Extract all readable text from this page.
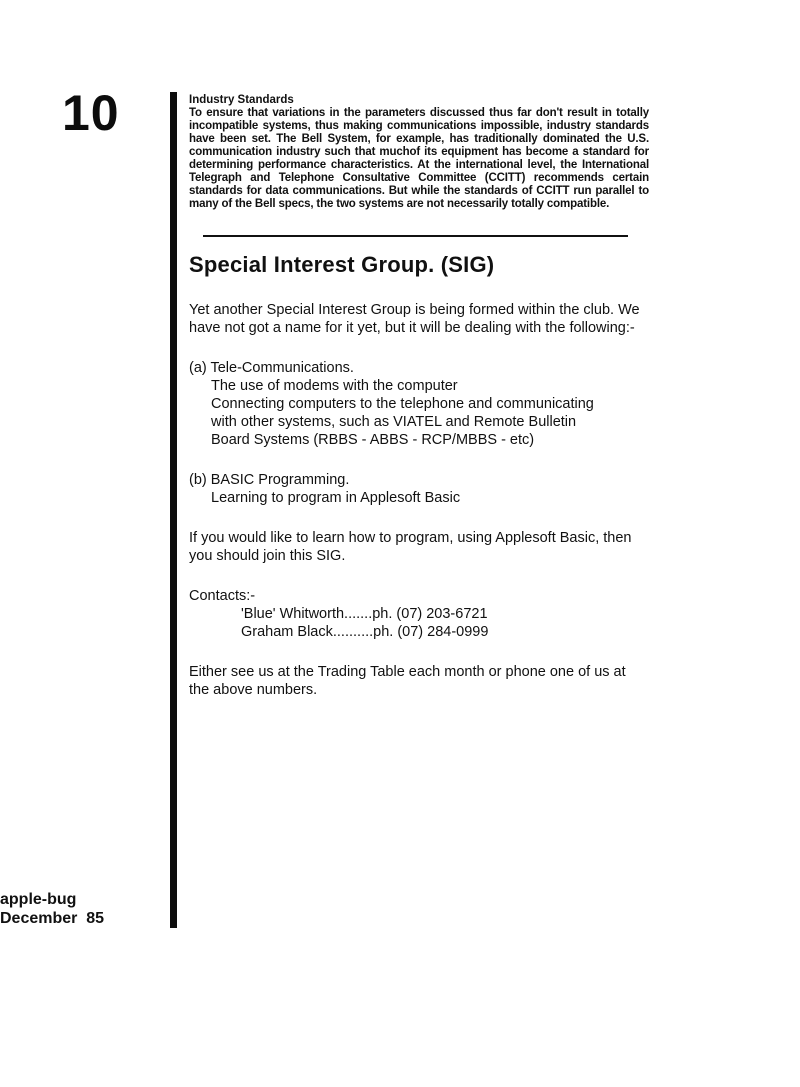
10	Industry Standards

To ensure that variations in the parameters discussed thus far don't result in totally incompatible systems, thus making communications impossible, industry standards have been set. The Bell System, for example, has traditionally dominated the U.S. communication industry such that muchof its equipment has become a standard for determining performance characteristics. At the international level, the International Telegraph and Telephone Consultative Committee (CCITT) recommends certain standards for data communications. But while the standards of CCITT run parallel to many of the Bell specs, the two systems are not necessarily totally compatible.

Special Interest Group. (SIG)

Yet another Special Interest Group is being formed within the club. We have not got a name for it yet, but it will be dealing with the following:-

(a) Tele-Communications.
The use of modems with the computer
Connecting computers to the telephone and communicating
with other systems, such as VIATEL and Remote Bulletin
Board Systems (RBBS - ABBS - RCP/MBBS - etc)
(b) BASIC Programming.
Learning to program in Applesoft Basic

If you would like to learn how to program, using Applesoft Basic, then you should join this SIG.

Contacts:-
'Blue' Whitworth.......ph. (07) 203-6721
Graham Black..........ph. (07) 284-0999

Either see us at the Trading Table each month or phone one of us at the above numbers.

apple-bug
December  85
